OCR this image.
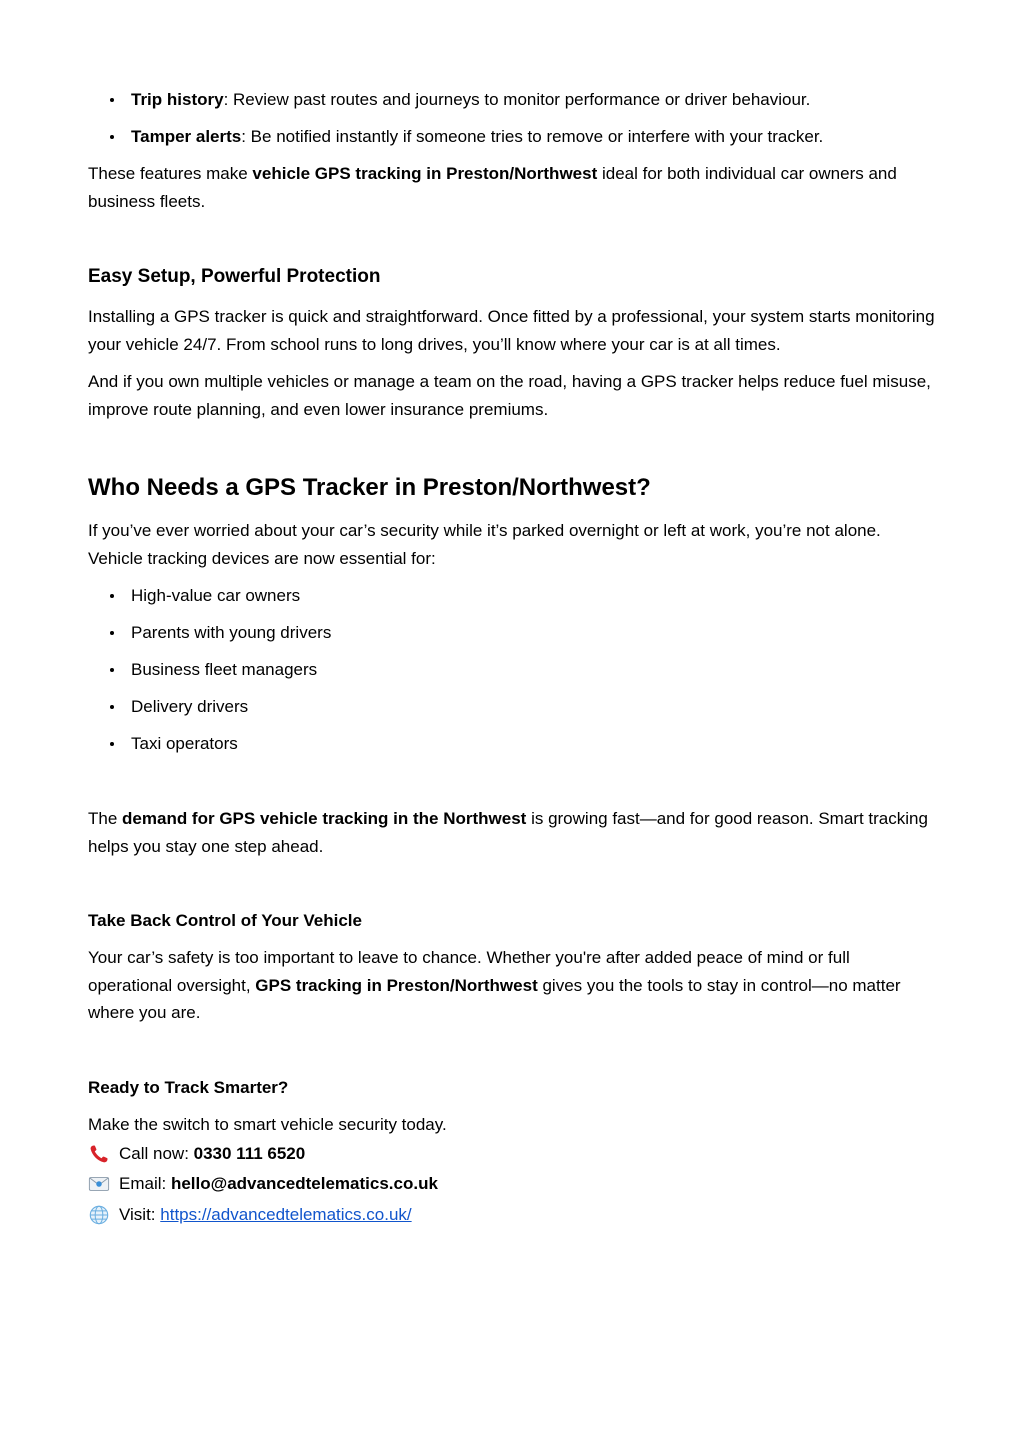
Trip history: Review past routes and journeys to monitor performance or driver behaviour.
Tamper alerts: Be notified instantly if someone tries to remove or interfere with your tracker.

These features make vehicle GPS tracking in Preston/Northwest ideal for both individual car owners and business fleets.

Easy Setup, Powerful Protection

Installing a GPS tracker is quick and straightforward. Once fitted by a professional, your system starts monitoring your vehicle 24/7. From school runs to long drives, you’ll know where your car is at all times.

And if you own multiple vehicles or manage a team on the road, having a GPS tracker helps reduce fuel misuse, improve route planning, and even lower insurance premiums.

Who Needs a GPS Tracker in Preston/Northwest?

If you’ve ever worried about your car’s security while it’s parked overnight or left at work, you’re not alone. Vehicle tracking devices are now essential for:

High-value car owners
Parents with young drivers
Business fleet managers
Delivery drivers
Taxi operators

The demand for GPS vehicle tracking in the Northwest is growing fast—and for good reason. Smart tracking helps you stay one step ahead.

Take Back Control of Your Vehicle

Your car’s safety is too important to leave to chance. Whether you're after added peace of mind or full operational oversight, GPS tracking in Preston/Northwest gives you the tools to stay in control—no matter where you are.

Ready to Track Smarter?

Make the switch to smart vehicle security today.

Call now: 0330 111 6520
Email: hello@advancedtelematics.co.uk
Visit: https://advancedtelematics.co.uk/
